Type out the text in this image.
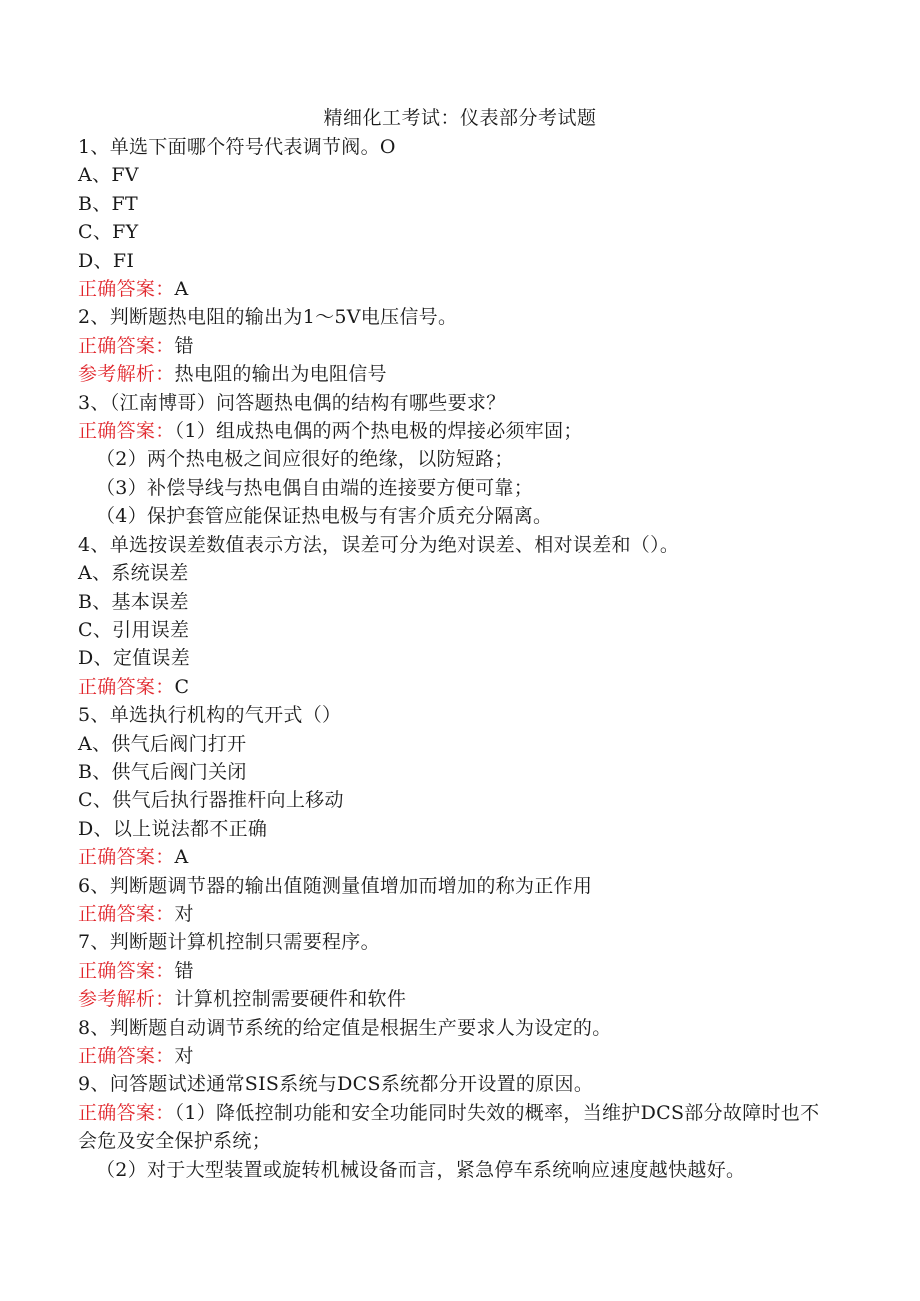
精细化工考试：仪表部分考试题
1、单选下面哪个符号代表调节阀。O
A、FV
B、FT
C、FY
D、FI
正确答案：A
2、判断题热电阻的输出为1～5V电压信号。
正确答案：错
参考解析：热电阻的输出为电阻信号
3、（江南博哥）问答题热电偶的结构有哪些要求？
正确答案：（1）组成热电偶的两个热电极的焊接必须牢固；
（2）两个热电极之间应很好的绝缘，以防短路；
（3）补偿导线与热电偶自由端的连接要方便可靠；
（4）保护套管应能保证热电极与有害介质充分隔离。
4、单选按误差数值表示方法，误差可分为绝对误差、相对误差和（）。
A、系统误差
B、基本误差
C、引用误差
D、定值误差
正确答案：C
5、单选执行机构的气开式（）
A、供气后阀门打开
B、供气后阀门关闭
C、供气后执行器推杆向上移动
D、以上说法都不正确
正确答案：A
6、判断题调节器的输出值随测量值增加而增加的称为正作用
正确答案：对
7、判断题计算机控制只需要程序。
正确答案：错
参考解析：计算机控制需要硬件和软件
8、判断题自动调节系统的给定值是根据生产要求人为设定的。
正确答案：对
9、问答题试述通常SIS系统与DCS系统都分开设置的原因。
正确答案：（1）降低控制功能和安全功能同时失效的概率，当维护DCS部分故障时也不会危及安全保护系统；
（2）对于大型装置或旋转机械设备而言，紧急停车系统响应速度越快越好。
